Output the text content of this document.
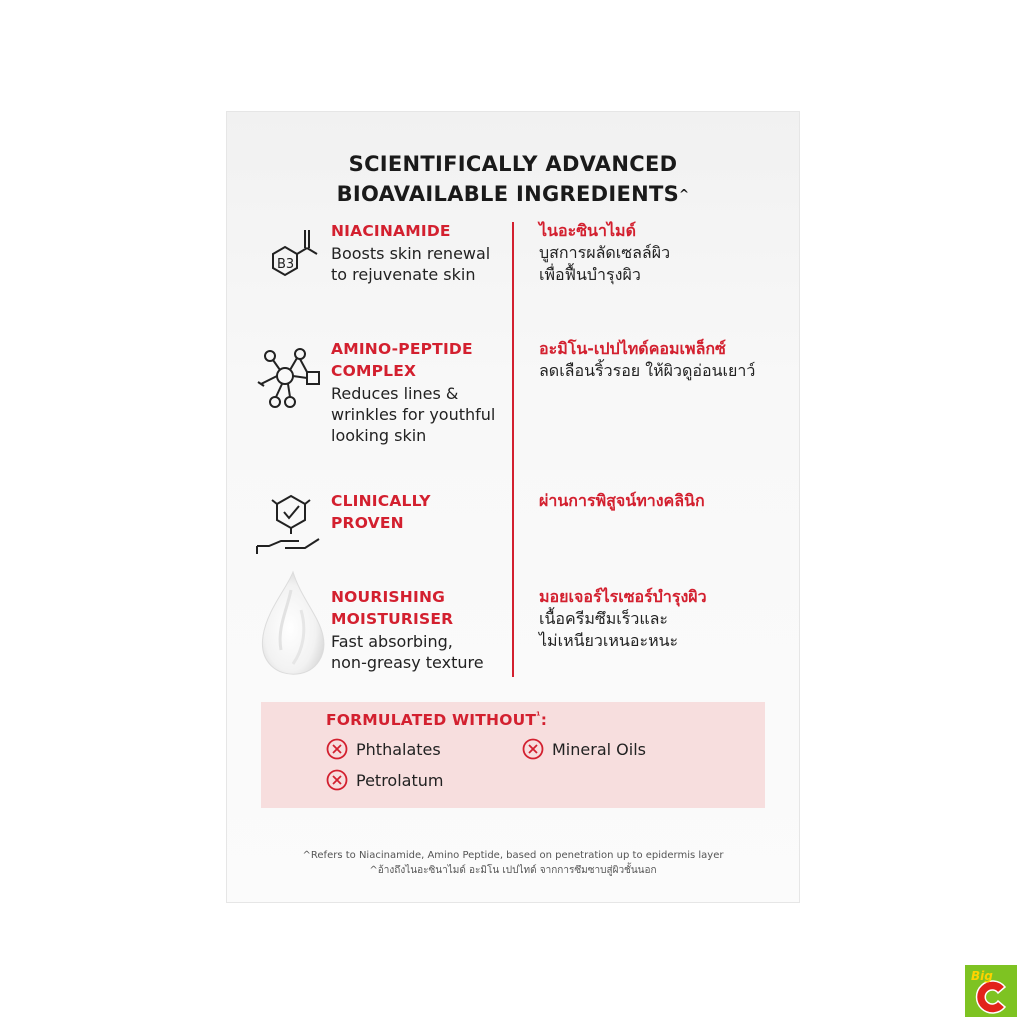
SCIENTIFICALLY ADVANCED
BIOAVAILABLE INGREDIENTS^
B3
NIACINAMIDE
Boosts skin renewal
to rejuvenate skin
ไนอะซินาไมด์
บูสการผลัดเซลล์ผิว
เพื่อฟื้นบำรุงผิว
AMINO-PEPTIDE
COMPLEX
Reduces lines &
wrinkles for youthful
looking skin
อะมิโน-เปปไทด์คอมเพล็กซ์
ลดเลือนริ้วรอย ให้ผิวดูอ่อนเยาว์
CLINICALLY
PROVEN
ผ่านการพิสูจน์ทางคลินิก
NOURISHING
MOISTURISER
Fast absorbing,
non-greasy texture
มอยเจอร์ไรเซอร์บำรุงผิว
เนื้อครีมซึมเร็วและ
ไม่เหนียวเหนอะหนะ
FORMULATED $WITHOUT^{^1}$:
Phthalates	Mineral Oils
Petrolatum
^Refers to Niacinamide, Amino Peptide, based on penetration up to epidermis layer
^อ้างถึงไนอะซินาไมด์ อะมิโน เปปไทด์ จากการซึมซาบสู่ผิวชั้นนอก
Big	C
